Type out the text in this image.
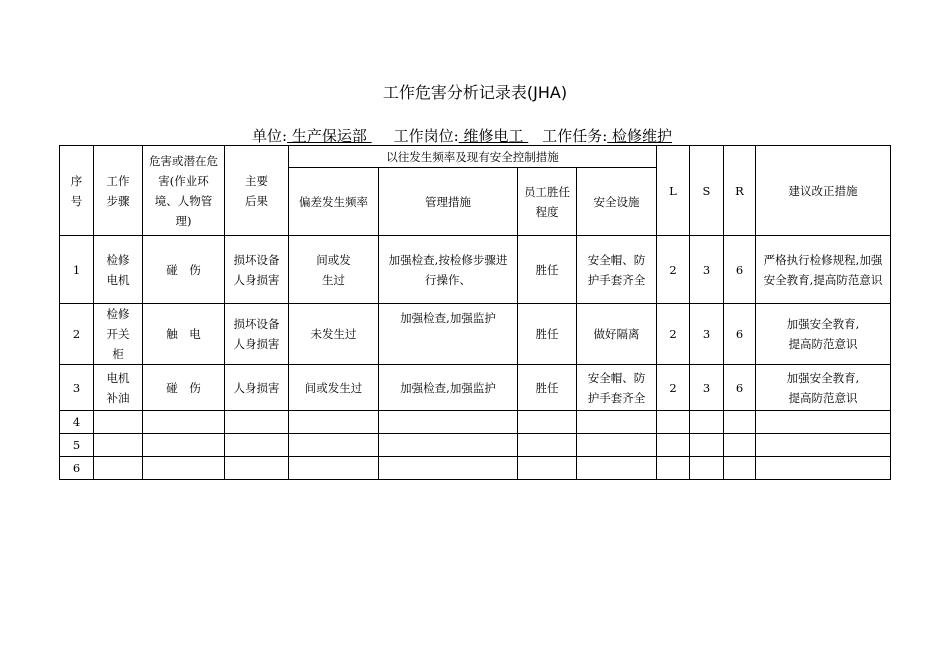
工作危害分析记录表(JHA)
单位: 生产保运部 工作岗位: 维修电工 工作任务: 检修维护
序号	工作步骤	危害或潜在危害(作业环境、人物管理)	主要后果	以往发生频率及现有安全控制措施				L	S	R	建议改正措施
				偏差发生频率	管理措施	员工胜任程度	安全设施				
1	检修电机	碰　伤	损坏设备人身损害	间或发生过	加强检查,按检修步骤进行操作、	胜任	安全帽、防护手套齐全	2	3	6	严格执行检修规程,加强安全教育,提高防范意识
2	检修开关柜	触　电	损坏设备人身损害	未发生过	加强检查,加强监护	胜任	做好隔离	2	3	6	加强安全教育,提高防范意识
3	电机补油	碰　伤	人身损害	间或发生过	加强检查,加强监护	胜任	安全帽、防护手套齐全	2	3	6	加强安全教育,提高防范意识
4											
5											
6											
